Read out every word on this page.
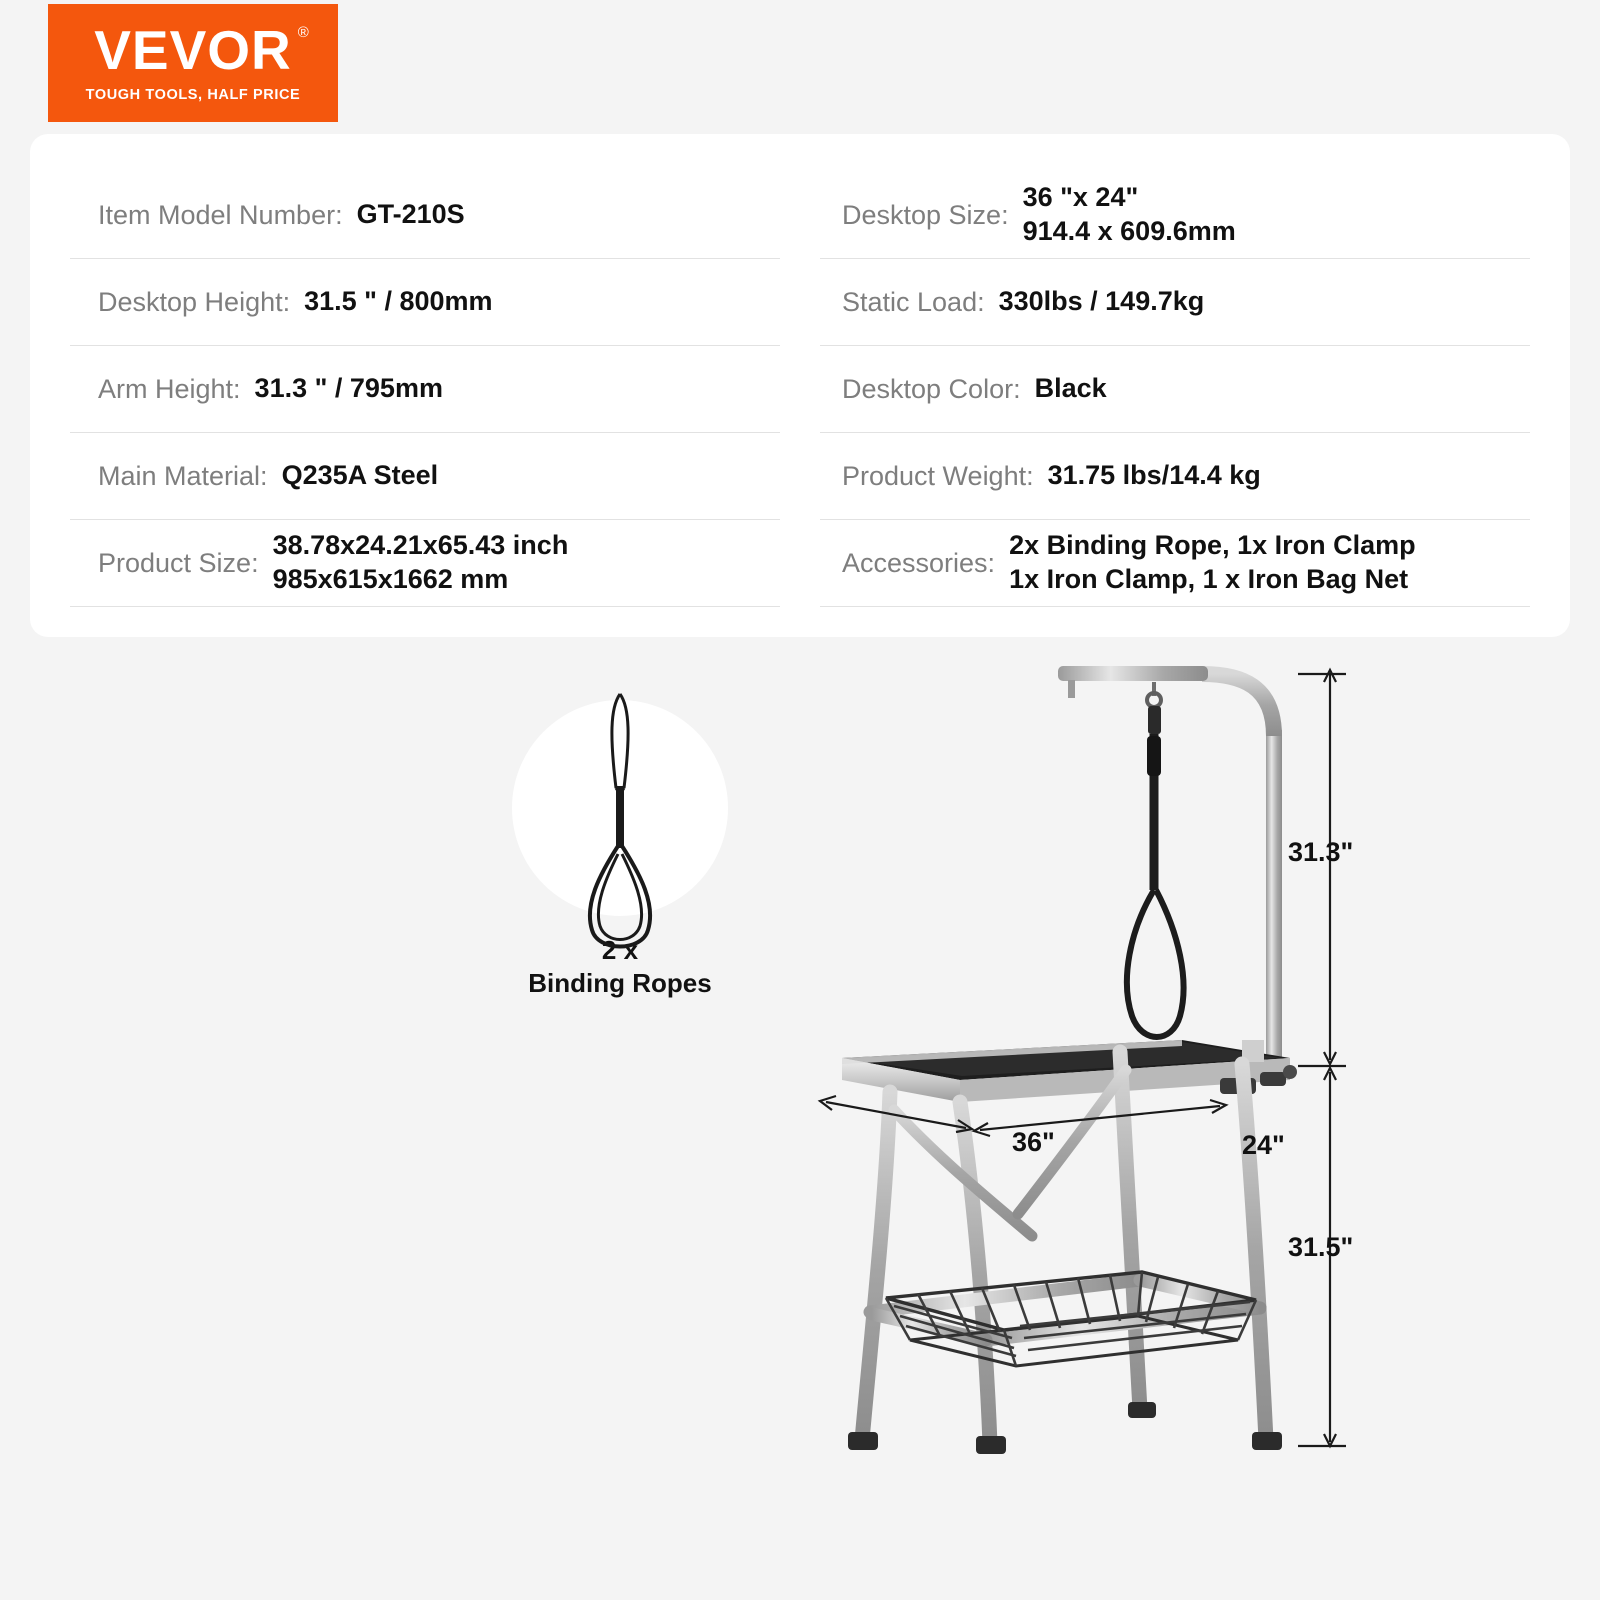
VEVOR ®
TOUGH TOOLS, HALF PRICE
Item Model Number: GT-210S
Desktop Height: 31.5 " / 800mm
Arm Height: 31.3 " / 795mm
Main Material: Q235A Steel
Product Size:
38.78x24.21x65.43 inch
985x615x1662 mm
Desktop Size:
36 "x 24"
914.4 x 609.6mm
Static Load: 330lbs / 149.7kg
Desktop Color: Black
Product Weight: 31.75 lbs/14.4 kg
Accessories:
2x Binding Rope, 1x Iron Clamp
1x Iron Clamp, 1 x Iron Bag Net
2 x
Binding Ropes
31.3"
31.5"
36"	24"
